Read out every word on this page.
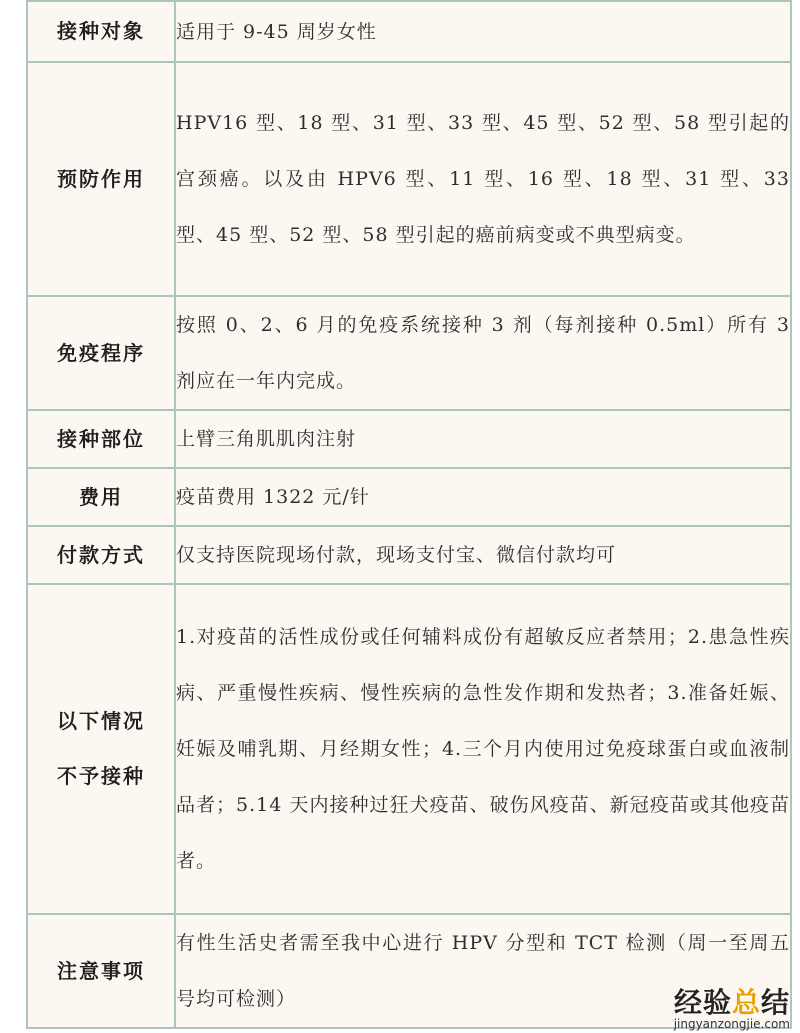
接种对象	适用于 9-45 周岁女性

预防作用	HPV16 型、18 型、31 型、33 型、45 型、52 型、58 型引起的宫颈癌。以及由 HPV6 型、11 型、16 型、18 型、31 型、33 型、45 型、52 型、58 型引起的癌前病变或不典型病变。

免疫程序	按照 0、2、6 月的免疫系统接种 3 剂（每剂接种 0.5ml）所有 3 剂应在一年内完成。

接种部位	上臂三角肌肌肉注射

费用	疫苗费用 1322 元/针

付款方式	仅支持医院现场付款，现场支付宝、微信付款均可

以下情况
不予接种	1.对疫苗的活性成份或任何辅料成份有超敏反应者禁用；2.患急性疾病、严重慢性疾病、慢性疾病的急性发作期和发热者；3.准备妊娠、妊娠及哺乳期、月经期女性；4.三个月内使用过免疫球蛋白或血液制品者；5.14 天内接种过狂犬疫苗、破伤风疫苗、新冠疫苗或其他疫苗者。

注意事项	有性生活史者需至我中心进行 HPV 分型和 TCT 检测（周一至周五号均可检测）	经验总结
jingyanzongjie.com
